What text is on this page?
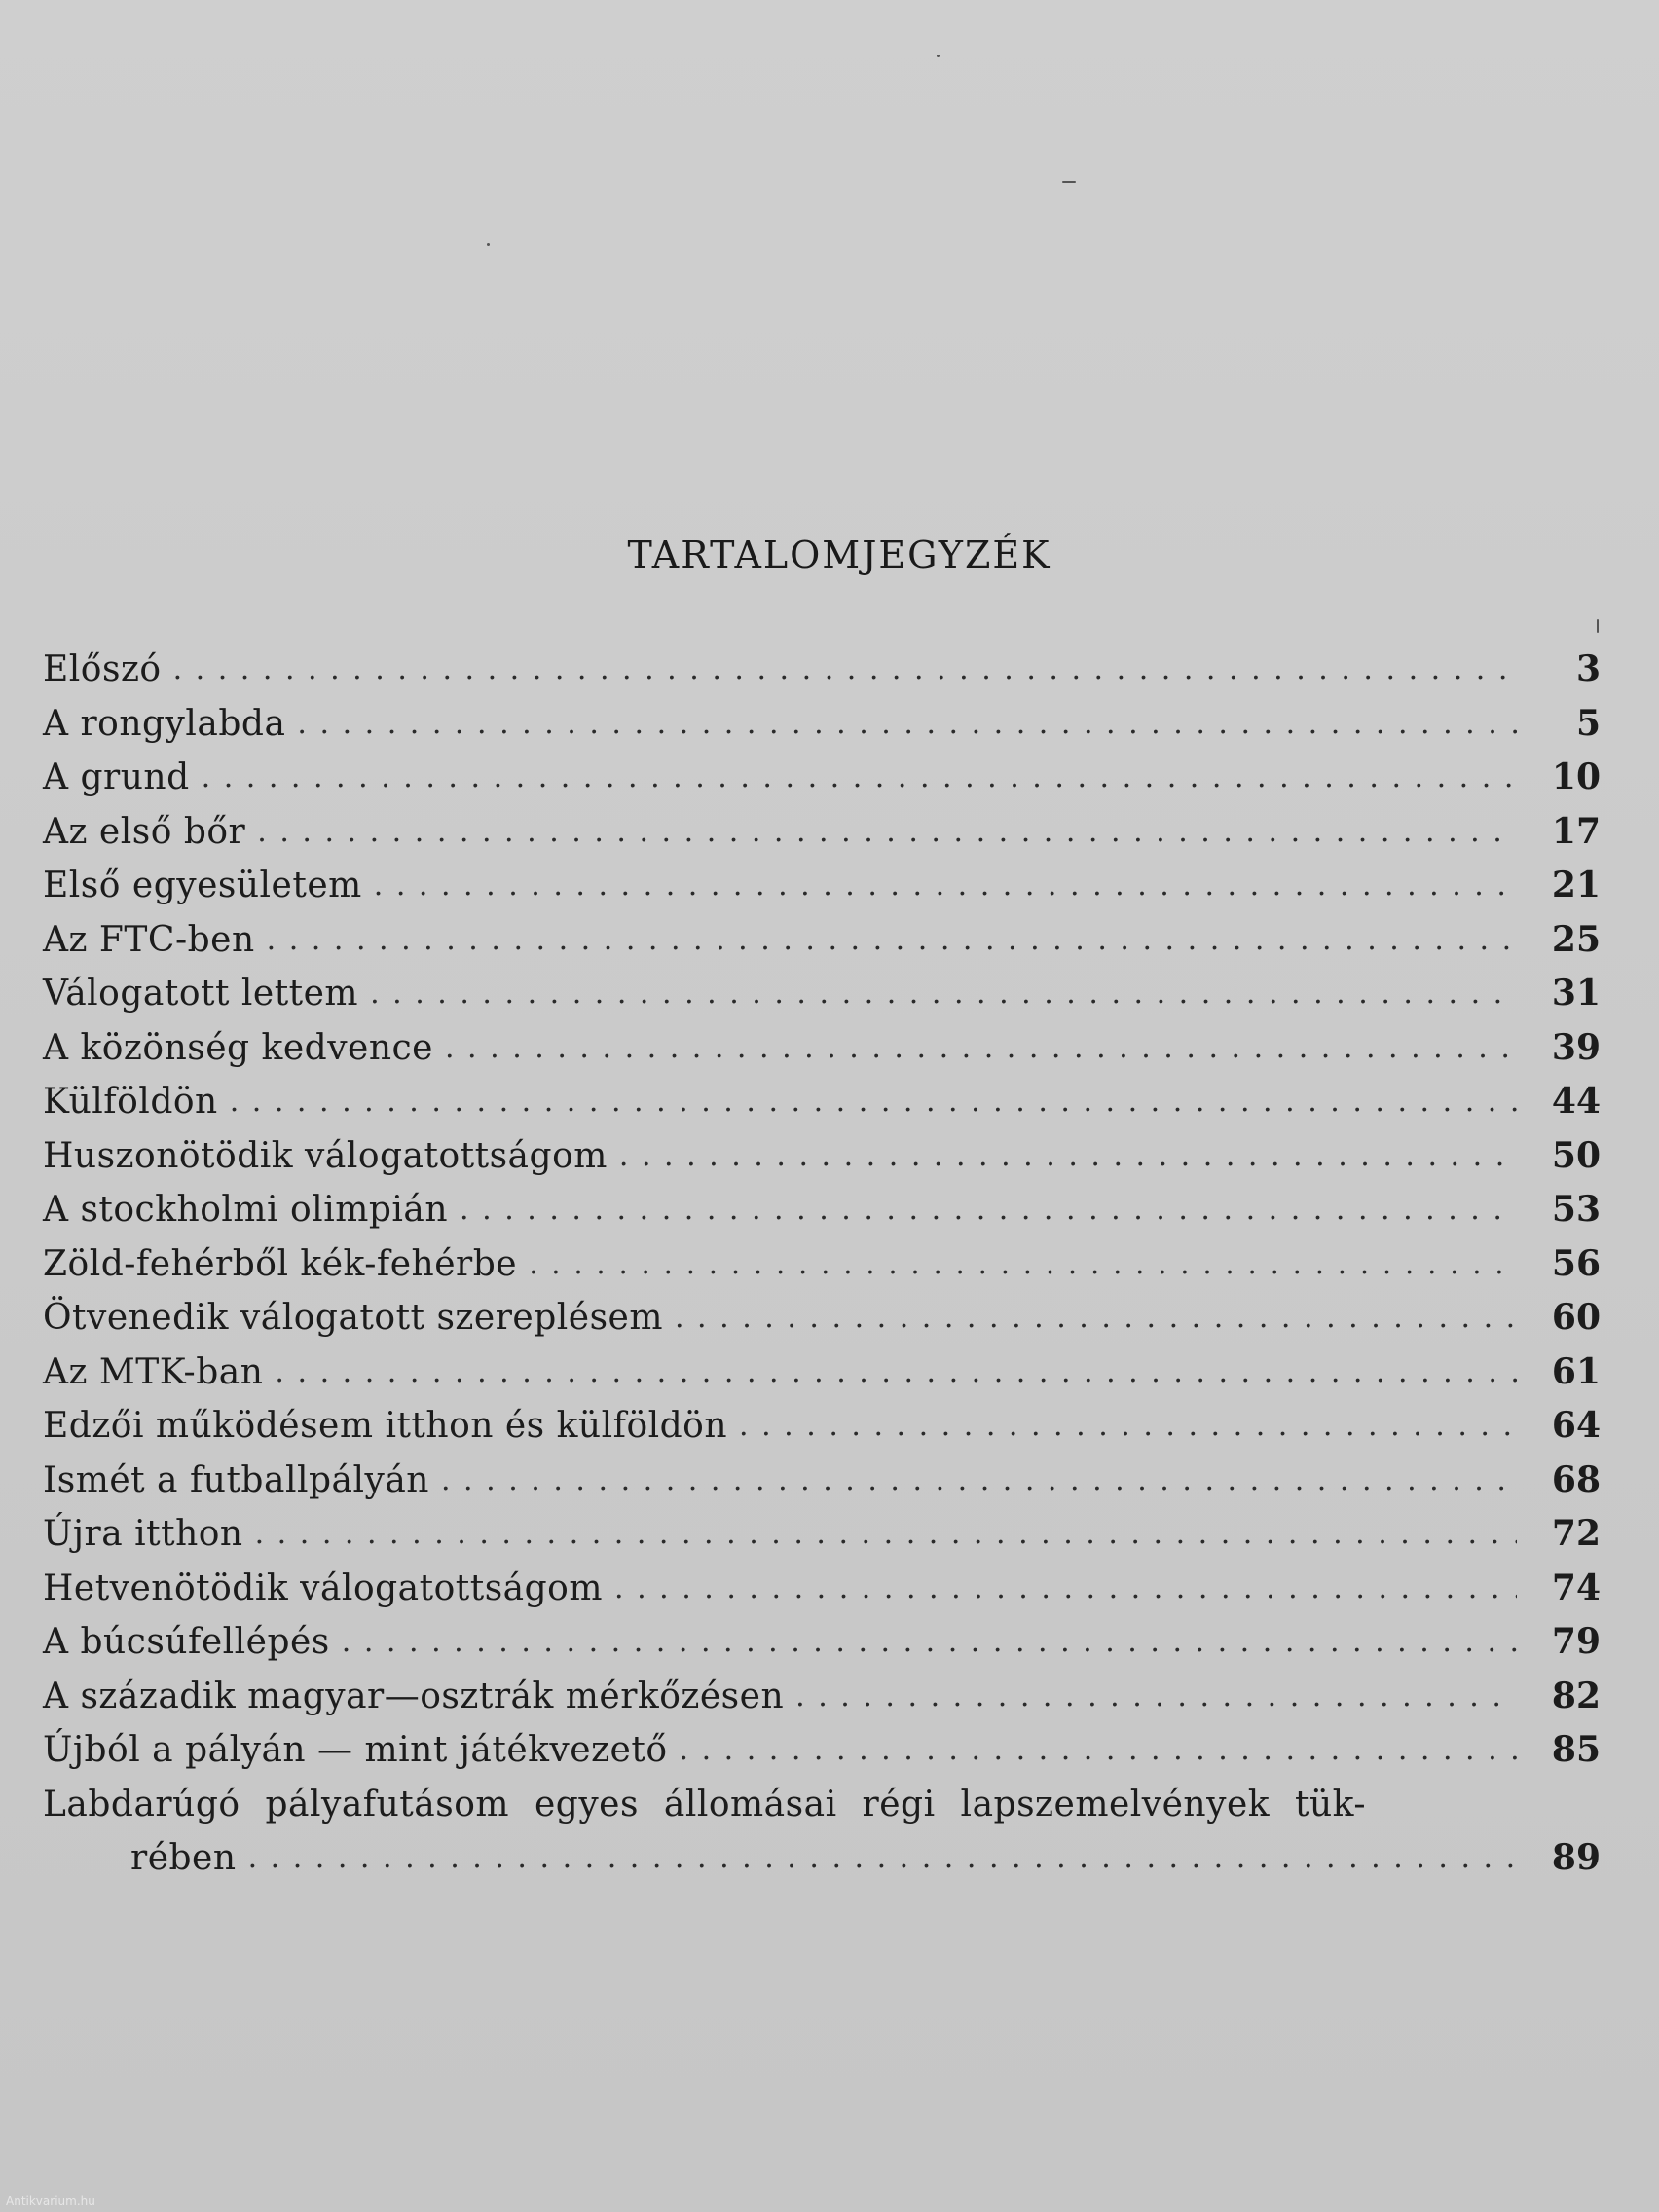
TARTALOMJEGYZÉK
Előszó . . .	3
A rongylabda . . .	5
A grund . . .	10
Az első bőr . . .	17
Első egyesületem . . .	21
Az FTC-ben . . .	25
Válogatott lettem . . .	31
A közönség kedvence . . .	39
Külföldön . . .	44
Huszonötödik válogatottságom . . .	50
A stockholmi olimpián . . .	53
Zöld-fehérből kék-fehérbe . . .	56
Ötvenedik válogatott szereplésem . . .	60
Az MTK-ban . . .	61
Edzői működésem itthon és külföldön . . .	64
Ismét a futballpályán . . .	68
Újra itthon . . .	72
Hetvenötödik válogatottságom . . .	74
A búcsúfellépés . . .	79
A századik magyar—osztrák mérkőzésen . . .	82
Újból a pályán — mint játékvezető . . .	85
Labdarúgó pályafutásom egyes állomásai régi lapszemelvények tük-
rében . . .	89
Antikvarium.hu
